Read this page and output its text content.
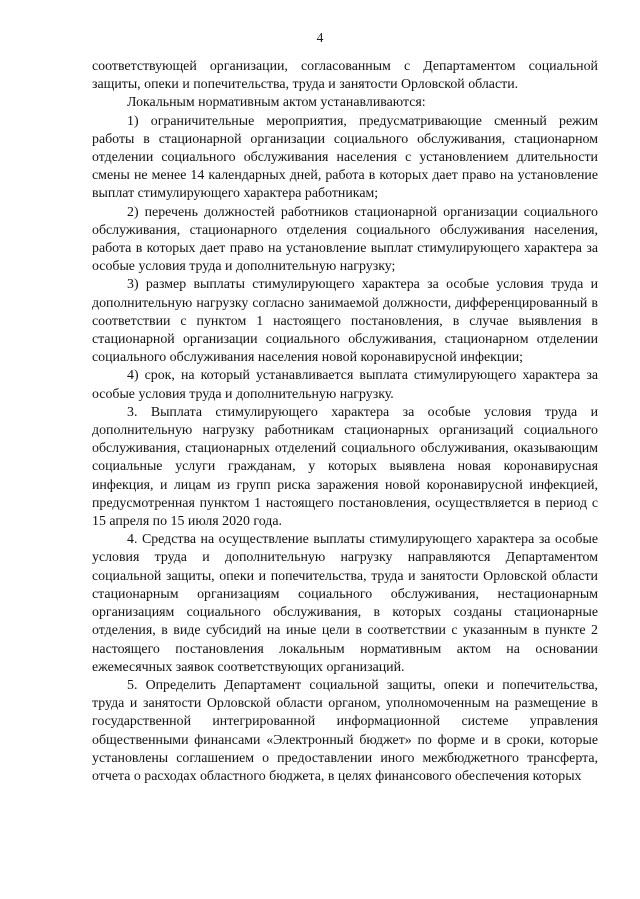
4

соответствующей организации, согласованным с Департаментом социальной защиты, опеки и попечительства, труда и занятости Орловской области.

Локальным нормативным актом устанавливаются:

1) ограничительные мероприятия, предусматривающие сменный режим работы в стационарной организации социального обслуживания, стационарном отделении социального обслуживания населения с установлением длительности смены не менее 14 календарных дней, работа в которых дает право на установление выплат стимулирующего характера работникам;

2) перечень должностей работников стационарной организации социального обслуживания, стационарного отделения социального обслуживания населения, работа в которых дает право на установление выплат стимулирующего характера за особые условия труда и дополнительную нагрузку;

3) размер выплаты стимулирующего характера за особые условия труда и дополнительную нагрузку согласно занимаемой должности, дифференцированный в соответствии с пунктом 1 настоящего постановления, в случае выявления в стационарной организации социального обслуживания, стационарном отделении социального обслуживания населения новой коронавирусной инфекции;

4) срок, на который устанавливается выплата стимулирующего характера за особые условия труда и дополнительную нагрузку.

3. Выплата стимулирующего характера за особые условия труда и дополнительную нагрузку работникам стационарных организаций социального обслуживания, стационарных отделений социального обслуживания, оказывающим социальные услуги гражданам, у которых выявлена новая коронавирусная инфекция, и лицам из групп риска заражения новой коронавирусной инфекцией, предусмотренная пунктом 1 настоящего постановления, осуществляется в период с 15 апреля по 15 июля 2020 года.

4. Средства на осуществление выплаты стимулирующего характера за особые условия труда и дополнительную нагрузку направляются Департаментом социальной защиты, опеки и попечительства, труда и занятости Орловской области стационарным организациям социального обслуживания, нестационарным организациям социального обслуживания, в которых созданы стационарные отделения, в виде субсидий на иные цели в соответствии с указанным в пункте 2 настоящего постановления локальным нормативным актом на основании ежемесячных заявок соответствующих организаций.

5. Определить Департамент социальной защиты, опеки и попечительства, труда и занятости Орловской области органом, уполномоченным на размещение в государственной интегрированной информационной системе управления общественными финансами «Электронный бюджет» по форме и в сроки, которые установлены соглашением о предоставлении иного межбюджетного трансферта, отчета о расходах областного бюджета, в целях финансового обеспечения которых
